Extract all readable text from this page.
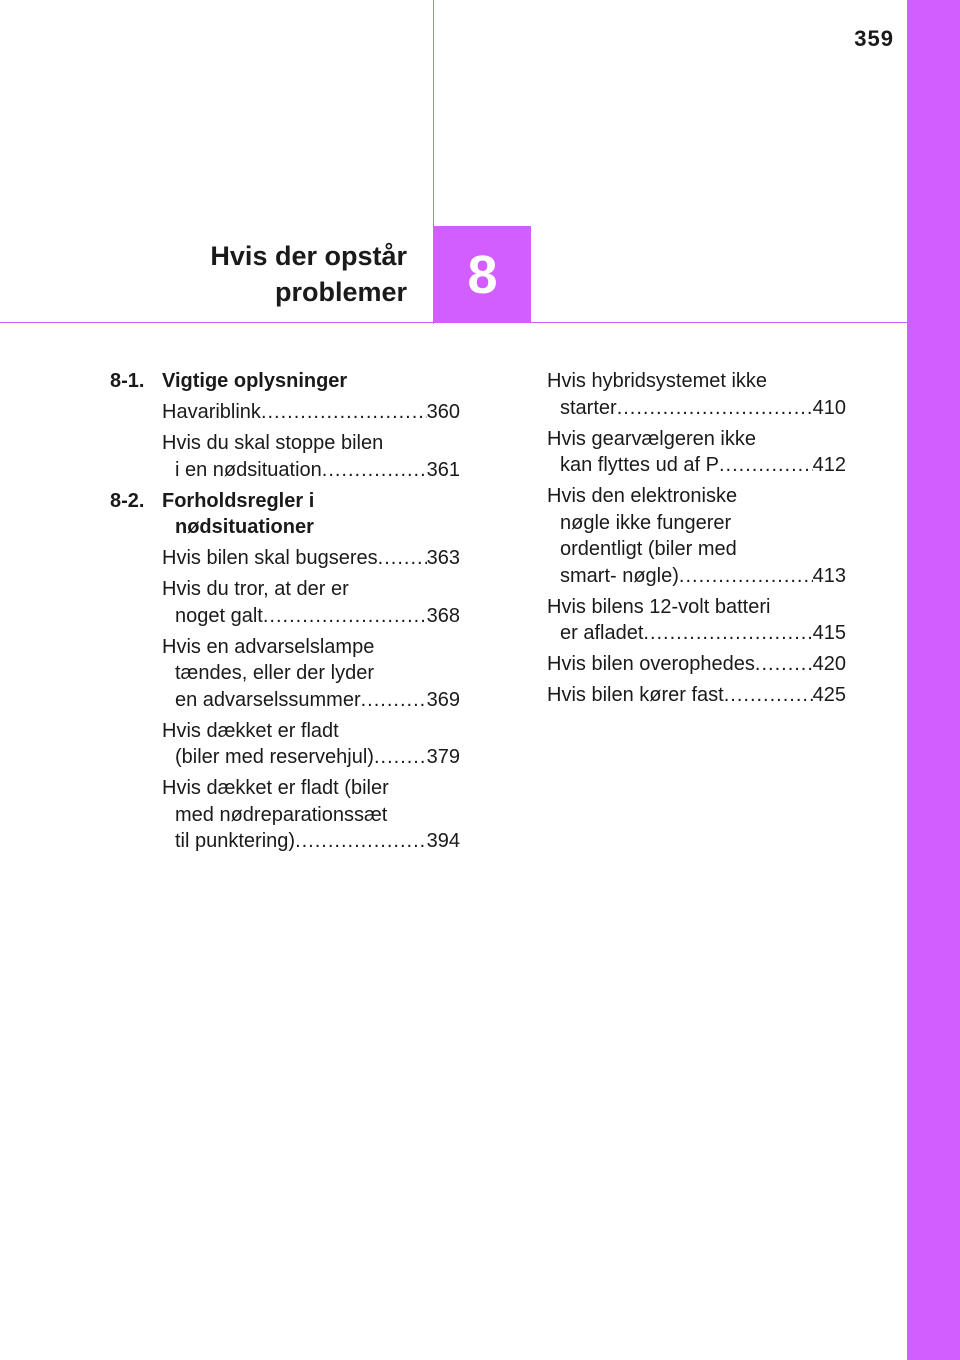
359
Hvis der opstår
problemer 8
8-1. Vigtige oplysninger
Havariblink .....	360
Hvis du skal stoppe bilen
i en nødsituation .....	361
8-2. Forholdsregler i
nødsituationer
Hvis bilen skal bugseres ..... 363
Hvis du tror, at der er
noget galt .....	368
Hvis en advarselslampe
tændes, eller der lyder
en advarselssummer .....	369
Hvis dækket er fladt
(biler med reservehjul) .....	379
Hvis dækket er fladt (biler
med nødreparationssæt
til punktering) .....	394
Hvis hybridsystemet ikke
starter .....	410
Hvis gearvælgeren ikke
kan flyttes ud af P .....	412
Hvis den elektroniske
nøgle ikke fungerer
ordentligt (biler med
smart- nøgle) .....	413
Hvis bilens 12-volt batteri
er afladet .....	415
Hvis bilen overophedes .....	420
Hvis bilen kører fast .....	425
